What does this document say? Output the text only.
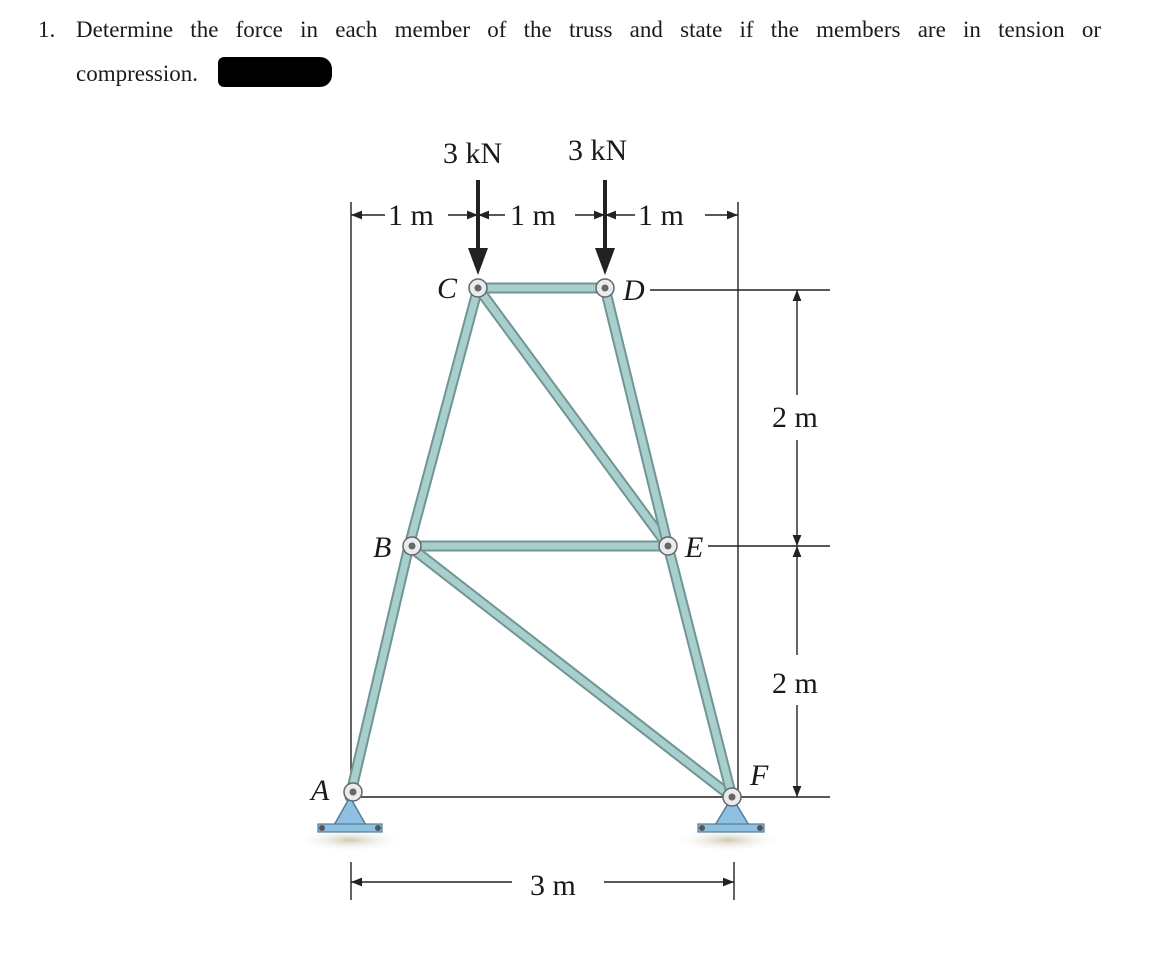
1. Determine the force in each member of the truss and state if the members are in tension or
compression.
3 kN 3 kN
1 m	1 m	1 m
2 m
2 m
3 m
A
B
C	D
E
F
